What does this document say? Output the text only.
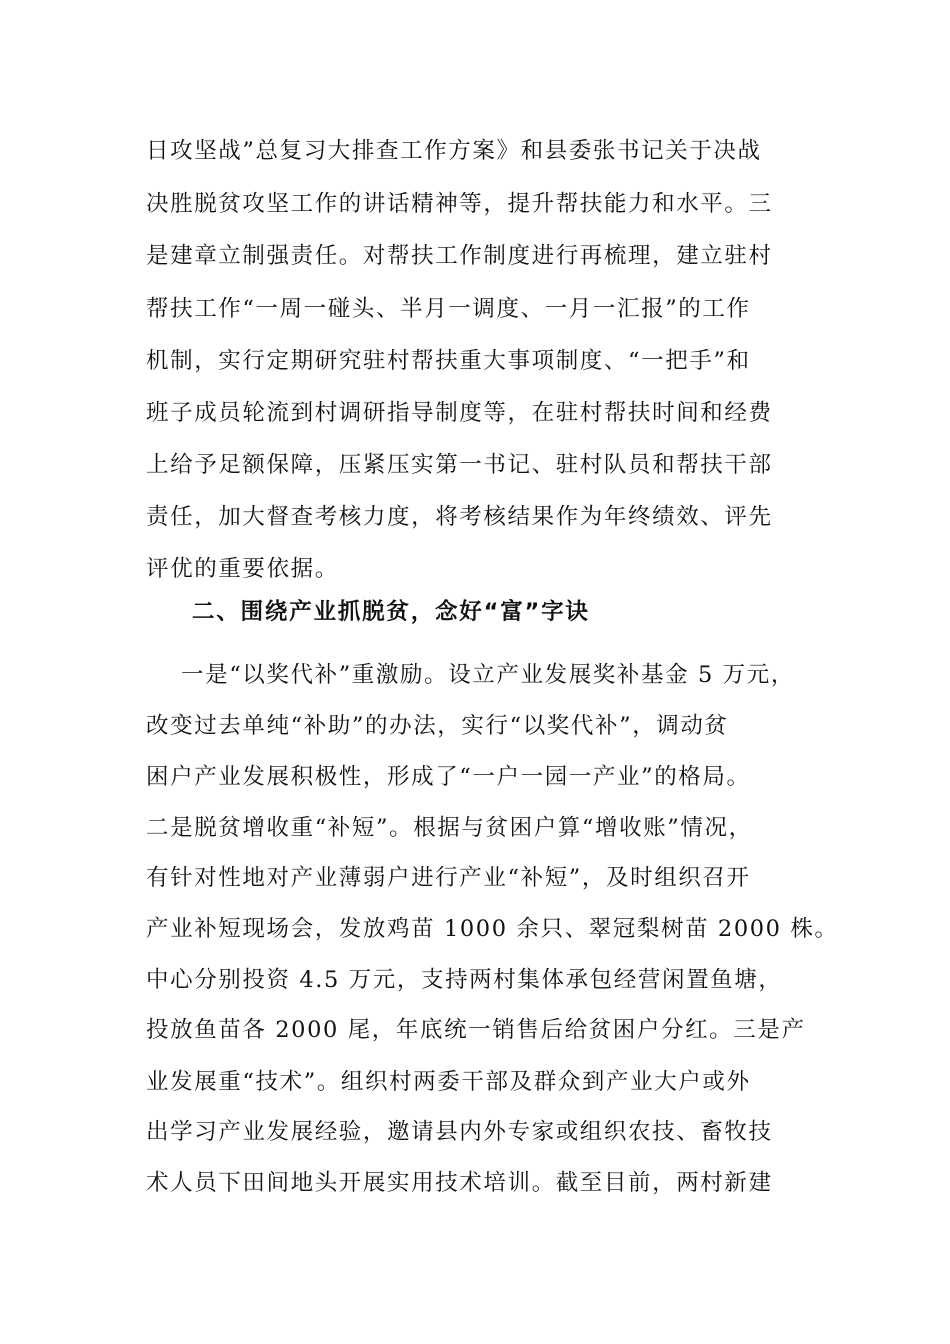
日攻坚战”总复习大排查工作方案》和县委张书记关于决战
决胜脱贫攻坚工作的讲话精神等，提升帮扶能力和水平。三
是建章立制强责任。对帮扶工作制度进行再梳理，建立驻村
帮扶工作“一周一碰头、半月一调度、一月一汇报”的工作
机制，实行定期研究驻村帮扶重大事项制度、“一把手”和
班子成员轮流到村调研指导制度等，在驻村帮扶时间和经费
上给予足额保障，压紧压实第一书记、驻村队员和帮扶干部
责任，加大督查考核力度，将考核结果作为年终绩效、评先
评优的重要依据。
二、围绕产业抓脱贫，念好“富”字诀
一是“以奖代补”重激励。设立产业发展奖补基金 5 万元，
改变过去单纯“补助”的办法，实行“以奖代补”，调动贫
困户产业发展积极性，形成了“一户一园一产业”的格局。
二是脱贫增收重“补短”。根据与贫困户算“增收账”情况，
有针对性地对产业薄弱户进行产业“补短”，及时组织召开
产业补短现场会，发放鸡苗 1000 余只、翠冠梨树苗 2000 株。
中心分别投资 4.5 万元，支持两村集体承包经营闲置鱼塘，
投放鱼苗各 2000 尾，年底统一销售后给贫困户分红。三是产
业发展重“技术”。组织村两委干部及群众到产业大户或外
出学习产业发展经验，邀请县内外专家或组织农技、畜牧技
术人员下田间地头开展实用技术培训。截至目前，两村新建
